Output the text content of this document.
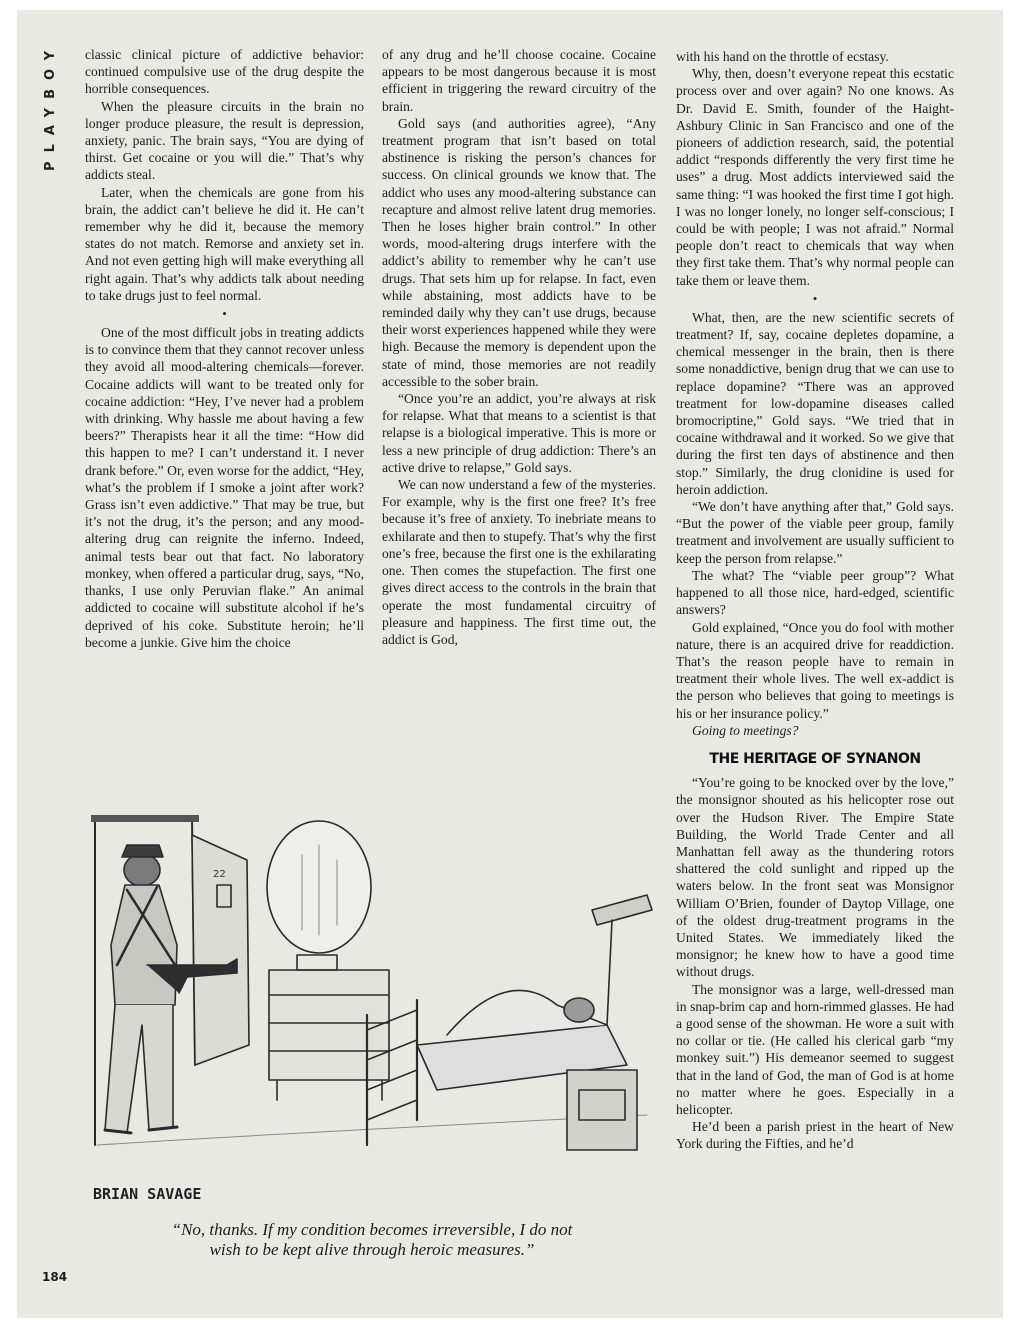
PLAYBOY classic clinical picture of addictive behavior: continued compulsive use of the drug despite the horrible consequences.

When the pleasure circuits in the brain no longer produce pleasure, the result is depression, anxiety, panic. The brain says, “You are dying of thirst. Get cocaine or you will die.” That’s why addicts steal.

Later, when the chemicals are gone from his brain, the addict can’t believe he did it. He can’t remember why he did it, because the memory states do not match. Remorse and anxiety set in. And not even getting high will make everything all right again. That’s why addicts talk about needing to take drugs just to feel normal.

•

One of the most difficult jobs in treating addicts is to convince them that they cannot recover unless they avoid all mood-altering chemicals—forever. Cocaine addicts will want to be treated only for cocaine addiction: “Hey, I’ve never had a problem with drinking. Why hassle me about having a few beers?” Therapists hear it all the time: “How did this happen to me? I can’t understand it. I never drank before.” Or, even worse for the addict, “Hey, what’s the problem if I smoke a joint after work? Grass isn’t even addictive.” That may be true, but it’s not the drug, it’s the person; and any mood-altering drug can reignite the inferno. Indeed, animal tests bear out that fact. No laboratory monkey, when offered a particular drug, says, “No, thanks, I use only Peruvian flake.” An animal addicted to cocaine will substitute alcohol if he’s deprived of his coke. Substitute heroin; he’ll become a junkie. Give him the choice

of any drug and he’ll choose cocaine. Cocaine appears to be most dangerous because it is most efficient in triggering the reward circuitry of the brain.

Gold says (and authorities agree), “Any treatment program that isn’t based on total abstinence is risking the person’s chances for success. On clinical grounds we know that. The addict who uses any mood-altering substance can recapture and almost relive latent drug memories. Then he loses higher brain control.” In other words, mood-altering drugs interfere with the addict’s ability to remember why he can’t use drugs. That sets him up for relapse. In fact, even while abstaining, most addicts have to be reminded daily why they can’t use drugs, because their worst experiences happened while they were high. Because the memory is dependent upon the state of mind, those memories are not readily accessible to the sober brain.

“Once you’re an addict, you’re always at risk for relapse. What that means to a scientist is that relapse is a biological imperative. This is more or less a new principle of drug addiction: There’s an active drive to relapse,” Gold says.

We can now understand a few of the mysteries. For example, why is the first one free? It’s free because it’s free of anxiety. To inebriate means to exhilarate and then to stupefy. That’s why the first one’s free, because the first one is the exhilarating one. Then comes the stupefaction. The first one gives direct access to the controls in the brain that operate the most fundamental circuitry of pleasure and happiness. The first time out, the addict is God,

with his hand on the throttle of ecstasy.

Why, then, doesn’t everyone repeat this ecstatic process over and over again? No one knows. As Dr. David E. Smith, founder of the Haight-Ashbury Clinic in San Francisco and one of the pioneers of addiction research, said, the potential addict “responds differently the very first time he uses” a drug. Most addicts interviewed said the same thing: “I was hooked the first time I got high. I was no longer lonely, no longer self-conscious; I could be with people; I was not afraid.” Normal people don’t react to chemicals that way when they first take them. That’s why normal people can take them or leave them.

•

What, then, are the new scientific secrets of treatment? If, say, cocaine depletes dopamine, a chemical messenger in the brain, then is there some nonaddictive, benign drug that we can use to replace dopamine? “There was an approved treatment for low-dopamine diseases called bromocriptine,” Gold says. “We tried that in cocaine withdrawal and it worked. So we give that during the first ten days of abstinence and then stop.” Similarly, the drug clonidine is used for heroin addiction.

“We don’t have anything after that,” Gold says. “But the power of the viable peer group, family treatment and involvement are usually sufficient to keep the person from relapse.”

The what? The “viable peer group”? What happened to all those nice, hard-edged, scientific answers?

Gold explained, “Once you do fool with mother nature, there is an acquired drive for readdiction. That’s the reason people have to remain in treatment their whole lives. The well ex-addict is the person who believes that going to meetings is his or her insurance policy.”

Going to meetings?

THE HERITAGE OF SYNANON

“You’re going to be knocked over by the love,” the monsignor shouted as his helicopter rose out over the Hudson River. The Empire State Building, the World Trade Center and all Manhattan fell away as the thundering rotors shattered the cold sunlight and ripped up the waters below. In the front seat was Monsignor William O’Brien, founder of Daytop Village, one of the oldest drug-treatment programs in the United States. We immediately liked the monsignor; he knew how to have a good time without drugs.

The monsignor was a large, well-dressed man in snap-brim cap and horn-rimmed glasses. He had a good sense of the showman. He wore a suit with no collar or tie. (He called his clerical garb “my monkey suit.”) His demeanor seemed to suggest that in the land of God, the man of God is at home no matter where he goes. Especially in a helicopter.

He’d been a parish priest in the heart of New York during the Fifties, and he’d

22
BRIAN SAVAGE
“No, thanks. If my condition becomes irreversible, I do not wish to be kept alive through heroic measures.”
184
